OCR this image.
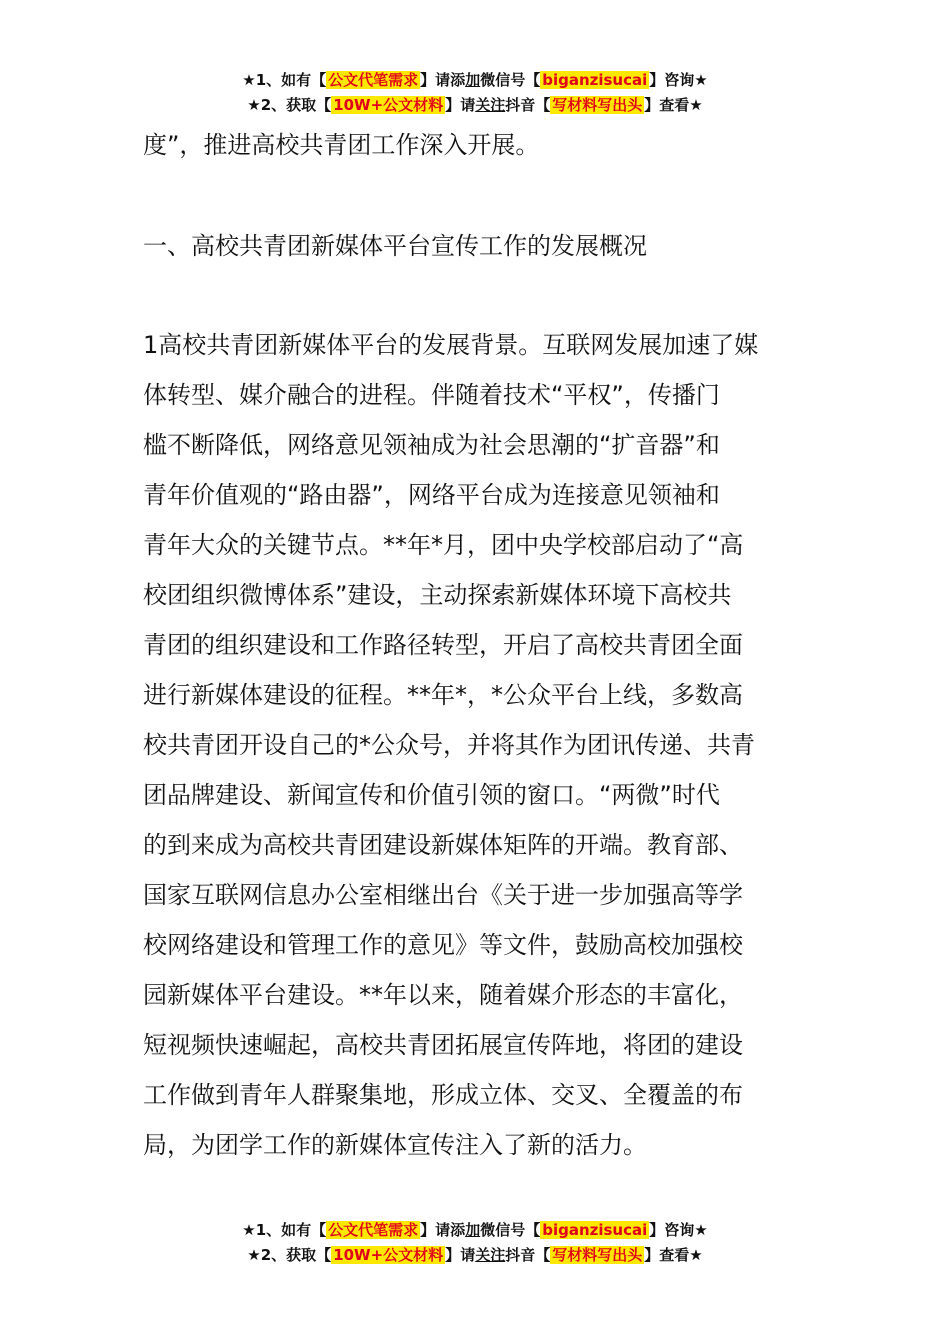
★1、如有【 公文代笔需求 】请添加微信号【 biganzisucai 】咨询★
★2、获取【 10W+公文材料 】请关注抖音【 写材料写出头 】查看★
度”，推进高校共青团工作深入开展。
一、高校共青团新媒体平台宣传工作的发展概况
1高校共青团新媒体平台的发展背景。互联网发展加速了媒
体转型、媒介融合的进程。伴随着技术“平权”，传播门
槛不断降低，网络意见领袖成为社会思潮的“扩音器”和
青年价值观的“路由器”，网络平台成为连接意见领袖和
青年大众的关键节点。**年*月，团中央学校部启动了“高
校团组织微博体系”建设，主动探索新媒体环境下高校共
青团的组织建设和工作路径转型，开启了高校共青团全面
进行新媒体建设的征程。**年*，*公众平台上线，多数高
校共青团开设自己的*公众号，并将其作为团讯传递、共青
团品牌建设、新闻宣传和价值引领的窗口。“两微”时代
的到来成为高校共青团建设新媒体矩阵的开端。教育部、
国家互联网信息办公室相继出台《关于进一步加强高等学
校网络建设和管理工作的意见》等文件，鼓励高校加强校
园新媒体平台建设。**年以来，随着媒介形态的丰富化，
短视频快速崛起，高校共青团拓展宣传阵地，将团的建设
工作做到青年人群聚集地，形成立体、交叉、全覆盖的布
局，为团学工作的新媒体宣传注入了新的活力。
★1、如有【 公文代笔需求 】请添加微信号【 biganzisucai 】咨询★
★2、获取【 10W+公文材料 】请关注抖音【 写材料写出头 】查看★
